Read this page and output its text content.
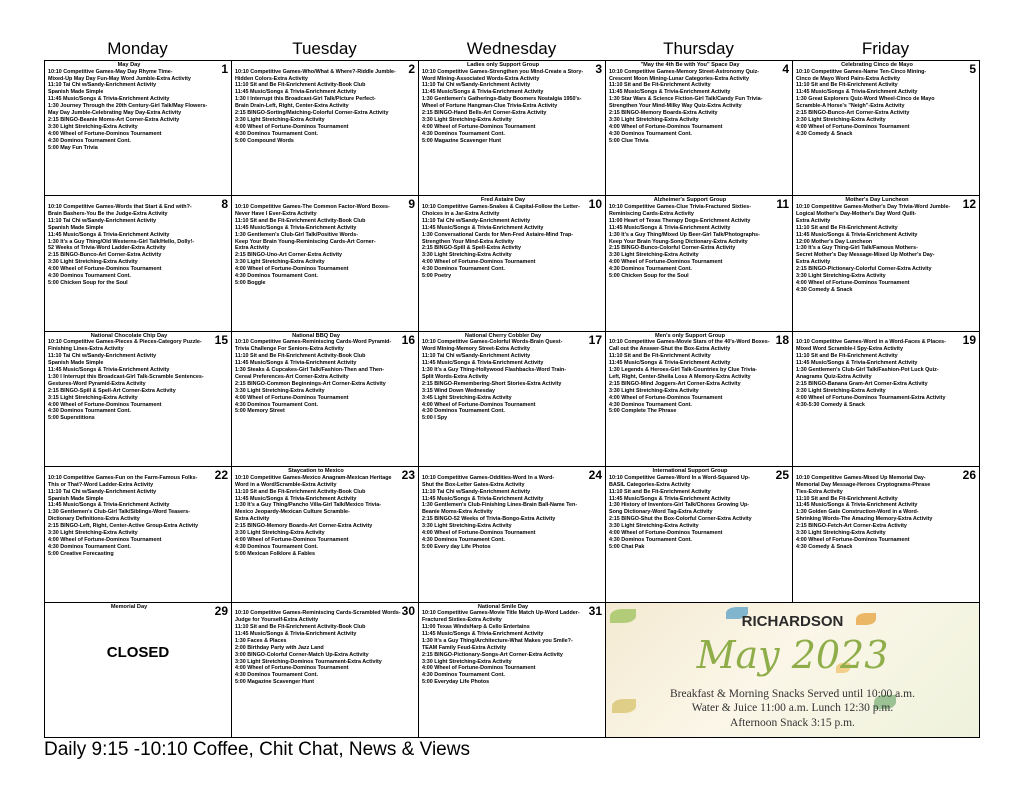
Monday	Tuesday	Wednesday	Thursday	Friday
May Day	1
10:10 Competitive Games-May Day Rhyme Time-
Mixed-Up May Day Fun-May Word Jumble-Extra Activity
11:10 Tai Chi w/Sandy-Enrichment Activity
Spanish Made Simple
11:45 Music/Songs & Trivia-Enrichment Activity
1:30 Journey Through the 20th Century-Girl Talk/May Flowers-
May Day Jumble-Celebrating May Day-Extra Activity
2:15 BINGO-Beanie Moms-Art Corner-Extra Activity
3:30 Light Stretching-Extra Activity
4:00 Wheel of Fortune-Dominos Tournament
4:30 Dominos Tournament Cont.
5:00 May Fun Trivia
2
10:10 Competitive Games-Who/What & Where?-Riddle Jumble-
Hidden Colors-Extra Activity
11:10 Sit and Be Fit-Enrichment Activity-Book Club
11:45 Music/Songs & Trivia-Enrichment Activity
1:30 I Interrupt this Broadcast-Girl Talk/Picture Perfect-
Brain Drain-Left, Right, Center-Extra Activity
2:15 BINGO-Sorting/Matching-Colorful Corner-Extra Activity
3:30 Light Stretching-Extra Activity
4:00 Wheel of Fortune-Dominos Tournament
4:30 Dominos Tournament Cont.
5:00 Compound Words
Ladies only Support Group	3
10:10 Competitive Games-Strengthen you Mind-Create a Story-
Word Mining-Associated Words-Extra Activity
11:10 Tai Chi w/Sandy-Enrichment Activity
11:45 Music/Songs & Trivia-Enrichment Activity
1:30 Gentlemen's Gatherings-Baby Boomers Nostalgia 1950's-
Wheel of Fortune Hangman-Clue Trivia-Extra Activity
2:15 BINGO-Hand Bells-Art Corner-Extra Activity
3:30 Light Stretching-Extra Activity
4:00 Wheel of Fortune-Dominos Tournament
4:30 Dominos Tournament Cont.
5:00 Magazine Scavenger Hunt
"May the 4th Be with You" Space Day	4
10:10 Competitive Games-Memory Street-Astronomy Quiz-
Crescent Moon Mining-Lunar Categories-Extra Activity
11:10 Sit and Be Fit-Enrichment Activity
11:45 Music/Songs & Trivia-Enrichment Activity
1:30 Star Wars & Science Fiction-Girl Talk/Candy Fun Trivia-
Strengthen Your Mind-Milky Way Quiz-Extra Activity
2:15 BINGO-Memory Boards-Extra Activity
3:30 Light Stretching-Extra Activity
4:00 Wheel of Fortune-Dominos Tournament
4:30 Dominos Tournament Cont.
5:00 Clue Trivia
Celebrating Cinco de Mayo	5
10:10 Competitive Games-Name Ten-Cinco Mining-
Cinco de Mayo Word Pairs-Extra Activity
11:10 Sit and Be Fit-Enrichment Activity
11:45 Music/Songs & Trivia-Enrichment Activity
1:30 Great Explorers Quiz-Word Wheel-Cinco de Mayo
Scramble-A Horse's "Neigh"-Extra Activity
2:15 BINGO-Bunco-Art Corner-Extra Activity
3:30 Light Stretching-Extra Activity
4:00 Wheel of Fortune-Dominos Tournament
4:30 Comedy & Snack
8
10:10 Competitive Games-Words that Start & End with?-
Brain Bashers-You Be the Judge-Extra Activity
11:10 Tai Chi w/Sandy-Enrichment Activity
Spanish Made Simple
11:45 Music/Songs & Trivia-Enrichment Activity
1:30 It's a Guy Thing/Old Westerns-Girl Talk/Hello, Dolly!-
52 Weeks of Trivia-Word Ladder-Extra Activity
2:15 BINGO-Bunco-Art Corner-Extra Activity
3:30 Light Stretching-Extra Activity
4:00 Wheel of Fortune-Dominos Tournament
4:30 Dominos Tournament Cont.
5:00 Chicken Soup for the Soul
9
10:10 Competitive Games-The Common Factor-Word Boxes-
Never Have I Ever-Extra Activity
11:10 Sit and Be Fit-Enrichment Activity-Book Club
11:45 Music/Songs & Trivia-Enrichment Activity
1:30 Gentlemen's Club-Girl Talk/Positive Words-
Keep Your Brain Young-Reminiscing Cards-Art Corner-
Extra Activity
2:15 BINGO-Uno-Art Corner-Extra Activity
3:30 Light Stretching-Extra Activity
4:00 Wheel of Fortune-Dominos Tournament
4:30 Dominos Tournament Cont.
5:00 Boggle
Fred Astaire Day	10
10:10 Competitive Games-Snakes & Capital-Follow the Letter-
Choices in a Jar-Extra Activity
11:10 Tai Chi w/Sandy-Enrichment Activity
11:45 Music/Songs & Trivia-Enrichment Activity
1:30 Conversational Cards for Men-Fred Astaire-Mind Trap-
Strengthen Your Mind-Extra Activity
2:15 BINGO-Spill & Spell-Extra Activity
3:30 Light Stretching-Extra Activity
4:00 Wheel of Fortune-Dominos Tournament
4:30 Dominos Tournament Cont.
5:00 Poetry
Alzheimer's Support Group	11
10:10 Competitive Games-Clue Trivia-Fractured Sixties-
Reminiscing Cards-Extra Activity
11:00 Heart of Texas Therapy Dogs-Enrichment Activity
11:45 Music/Songs & Trivia-Enrichment Activity
1:30 It's a Guy Thing/Mixed Up Beer-Girl Talk/Photographs-
Keep Your Brain Young-Song Dictionary-Extra Activity
2:15 BINGO-Bunco-Colorful Corner-Extra Activity
3:30 Light Stretching-Extra Activity
4:00 Wheel of Fortune-Dominos Tournament
4:30 Dominos Tournament Cont.
5:00 Chicken Soup for the Soul
Mother's Day Luncheon	12
10:10 Competitive Games-Mother's Day Trivia-Word Jumble-
Logical Mother's Day-Mother's Day Word Quilt-
Extra Activity
11:10 Sit and Be Fit-Enrichment Activity
11:45 Music/Songs & Trivia-Enrichment Activity
12:00 Mother's Day Luncheon
1:30 It's a Guy Thing-Girl Talk/Famous Mothers-
Secret Mother's Day Message-Mixed Up Mother's Day-
Extra Activity
2:15 BINGO-Pictionary-Colorful Corner-Extra Activity
3:30 Light Stretching-Extra Activity
4:00 Wheel of Fortune-Dominos Tournament
4:30 Comedy & Snack
National Chocolate Chip Day	15
10:10 Competitive Games-Pieces & Pieces-Category Puzzle-
Finishing Lines-Extra Activity
11:10 Tai Chi w/Sandy-Enrichment Activity
Spanish Made Simple
11:45 Music/Songs & Trivia-Enrichment Activity
1:30 I Interrupt this Broadcast-Girl Talk-Scramble Sentences-
Gestures-Word Pyramid-Extra Activity
2:15 BINGO-Spill & Spell-Art Corner-Extra Activity
3:15 Light Stretching-Extra Activity
4:00 Wheel of Fortune-Dominos Tournament
4:30 Dominos Tournament Cont.
5:00 Superstitions
National BBQ Day	16
10:10 Competitive Games-Reminiscing Cards-Word Pyramid-
Trivia Challenge For Seniors-Extra Activity
11:10 Sit and Be Fit-Enrichment Activity-Book Club
11:45 Music/Songs & Trivia-Enrichment Activity
1:30 Steaks & Cupcakes-Girl Talk/Fashion-Then and Then-
Cereal Preferences-Art Corner-Extra Activity
2:15 BINGO-Common Beginnings-Art Corner-Extra Activity
3:30 Light Stretching-Extra Activity
4:00 Wheel of Fortune-Dominos Tournament
4:30 Dominos Tournament Cont.
5:00 Memory Street
National Cherry Cobbler Day	17
10:10 Competitive Games-Colorful Words-Brain Quest-
Word Mining-Memory Street-Extra Activity
11:10 Tai Chi w/Sandy-Enrichment Activity
11:45 Music/Songs & Trivia-Enrichment Activity
1:30 It's a Guy Thing-Hollywood Flashbacks-Word Train-
Split Words-Extra Activity
2:15 BINGO-Remembering-Short Stories-Extra Activity
3:15 Wind Down Wednesday
3:45 Light Stretching-Extra Activity
4:00 Wheel of Fortune-Dominos Tournament
4:30 Dominos Tournament Cont.
5:00 I Spy
Men's only Support Group	18
10:10 Competitive Games-Movie Stars of the 40's-Word Boxes-
Call out the Answer-Shut the Box-Extra Activity
11:10 Sit and Be Fit-Enrichment Activity
11:45 Music/Songs & Trivia-Enrichment Activity
1:30 Legends & Heroes-Girl Talk-Countries by Clue Trivia-
Left, Right, Center-Sheila Loss A Memory-Extra Activity
2:15 BINGO-Mind Joggers-Art Corner-Extra Activity
3:30 Light Stretching-Extra Activity
4:00 Wheel of Fortune-Dominos Tournament
4:30 Dominos Tournament Cont.
5:00 Complete The Phrase
19
10:10 Competitive Games-Word in a Word-Faces & Places-
Mixed Word Scramble-I Spy-Extra Activity
11:10 Sit and Be Fit-Enrichment Activity
11:45 Music/Songs & Trivia-Enrichment Activity
1:30 Gentlemen's Club-Girl Talk/Fashion-Pot Luck Quiz-
Anagrams Quiz-Extra Activity
2:15 BINGO-Banana Gram-Art Corner-Extra Activity
3:30 Light Stretching-Extra Activity
4:00 Wheel of Fortune-Dominos Tournament-Extra Activity
4:30-5:30 Comedy & Snack
22
10:10 Competitive Games-Fun on the Farm-Famous Folks-
This or That?-Word Ladder-Extra Activity
11:10 Tai Chi w/Sandy-Enrichment Activity
Spanish Made Simple
11:45 Music/Songs & Trivia-Enrichment Activity
1:30 Gentlemen's Club-Girl Talk/Siblings-Word Teasers-
Dictionary Definitions-Extra Activity
2:15 BINGO-Left, Right, Center-Active Group-Extra Activity
3:30 Light Stretching-Extra Activity
4:00 Wheel of Fortune-Dominos Tournament
4:30 Dominos Tournament Cont.
5:00 Creative Forecasting
Staycation to Mexico	23
10:10 Competitive Games-Mexico Anagram-Mexican Heritage
Word in a Word/Scramble-Extra Activity
11:10 Sit and Be Fit-Enrichment Activity-Book Club
11:45 Music/Songs & Trivia-Enrichment Activity
1:30 It's a Guy Thing/Pancho Villa-Girl Talk/Mexico Trivia-
Mexico Jeopardy-Mexican Culture Scramble-
Extra Activity
2:15 BINGO-Memory Boards-Art Corner-Extra Activity
3:30 Light Stretching-Extra Activity
4:00 Wheel of Fortune-Dominos Tournament
4:30 Dominos Tournament Cont.
5:00 Mexican Folklore & Fables
24
10:10 Competitive Games-Oddities-Word In a Word-
Shut the Box-Letter Gates-Extra Activity
11:10 Tai Chi w/Sandy-Enrichment Activity
11:45 Music/Songs & Trivia-Enrichment Activity
1:30 Gentlemen's Club-Finishing Lines-Brain Ball-Name Ten-
Beanie Moms-Extra Activity
2:15 BINGO-52 Weeks of Trivia-Bongo-Extra Activity
3:30 Light Stretching-Extra Activity
4:00 Wheel of Fortune-Dominos Tournament
4:30 Dominos Tournament Cont.
5:00 Every day Life Photos
International Support Group	25
10:10 Competitive Games-Word In a Word-Squared Up-
BASIL Categories-Extra Activity
11:10 Sit and Be Fit-Enrichment Activity
11:45 Music/Songs & Trivia-Enrichment Activity
1:30 History of Inventors-Girl Talk/Chores Growing Up-
Song Dictionary-Word Tag-Extra Activity
2:15 BINGO-Shut the Box-Colorful Corner-Extra Activity
3:30 Light Stretching-Extra Activity
4:00 Wheel of Fortune-Dominos Tournament
4:30 Dominos Tournament Cont.
5:00 Chat Pak
26
10:10 Competitive Games-Mixed Up Memorial Day-
Memorial Day Message-Heroes Cryptograms-Phrase
Ties-Extra Activity
11:10 Sit and Be Fit-Enrichment Activity
11:45 Music/Songs & Trivia-Enrichment Activity
1:30 Golden Gate Construction-Word in a Word-
Shrinking Words-The Amazing Memory-Extra Activity
2:15 BINGO-Fetch-Art Corner-Extra Activity
3:30 Light Stretching-Extra Activity
4:00 Wheel of Fortune-Dominos Tournament
4:30 Comedy & Snack
Memorial Day	29
CLOSED
30
10:10 Competitive Games-Reminiscing Cards-Scrambled Words-
Judge for Yourself-Extra Activity
11:10 Sit and Be Fit-Enrichment Activity-Book Club
11:45 Music/Songs & Trivia-Enrichment Activity
1:30 Faces & Places
2:00 Birthday Party with Jazz Land
3:00 BINGO-Colorful Corner-Match Up-Extra Activity
3:30 Light Stretching-Dominos Tournament-Extra Activity
4:00 Wheel of Fortune-Dominos Tournament
4:30 Dominos Tournament Cont.
5:00 Magazine Scavenger Hunt
National Smile Day	31
10:10 Competitive Games-Movie Title Match Up-Word Ladder-
Fractured Sixties-Extra Activity
11:00 Texas WindsHarp & Cello Entertains
11:45 Music/Songs & Trivia-Enrichment Activity
1:30 It's a Guy Thing/Architecture-What Makes you Smile?-
TEAM Family Feud-Extra Activity
2:15 BINGO-Pictionary-Songs-Art Corner-Extra Activity
3:30 Light Stretching-Extra Activity
4:00 Wheel of Fortune-Dominos Tournament
4:30 Dominos Tournament Cont.
5:00 Everyday Life Photos
RICHARDSON
May 2023
Breakfast & Morning Snacks Served until 10:00 a.m.
Water & Juice 11:00 a.m. Lunch 12:30 p.m.
Afternoon Snack 3:15 p.m.
Daily 9:15 -10:10 Coffee, Chit Chat, News & Views
